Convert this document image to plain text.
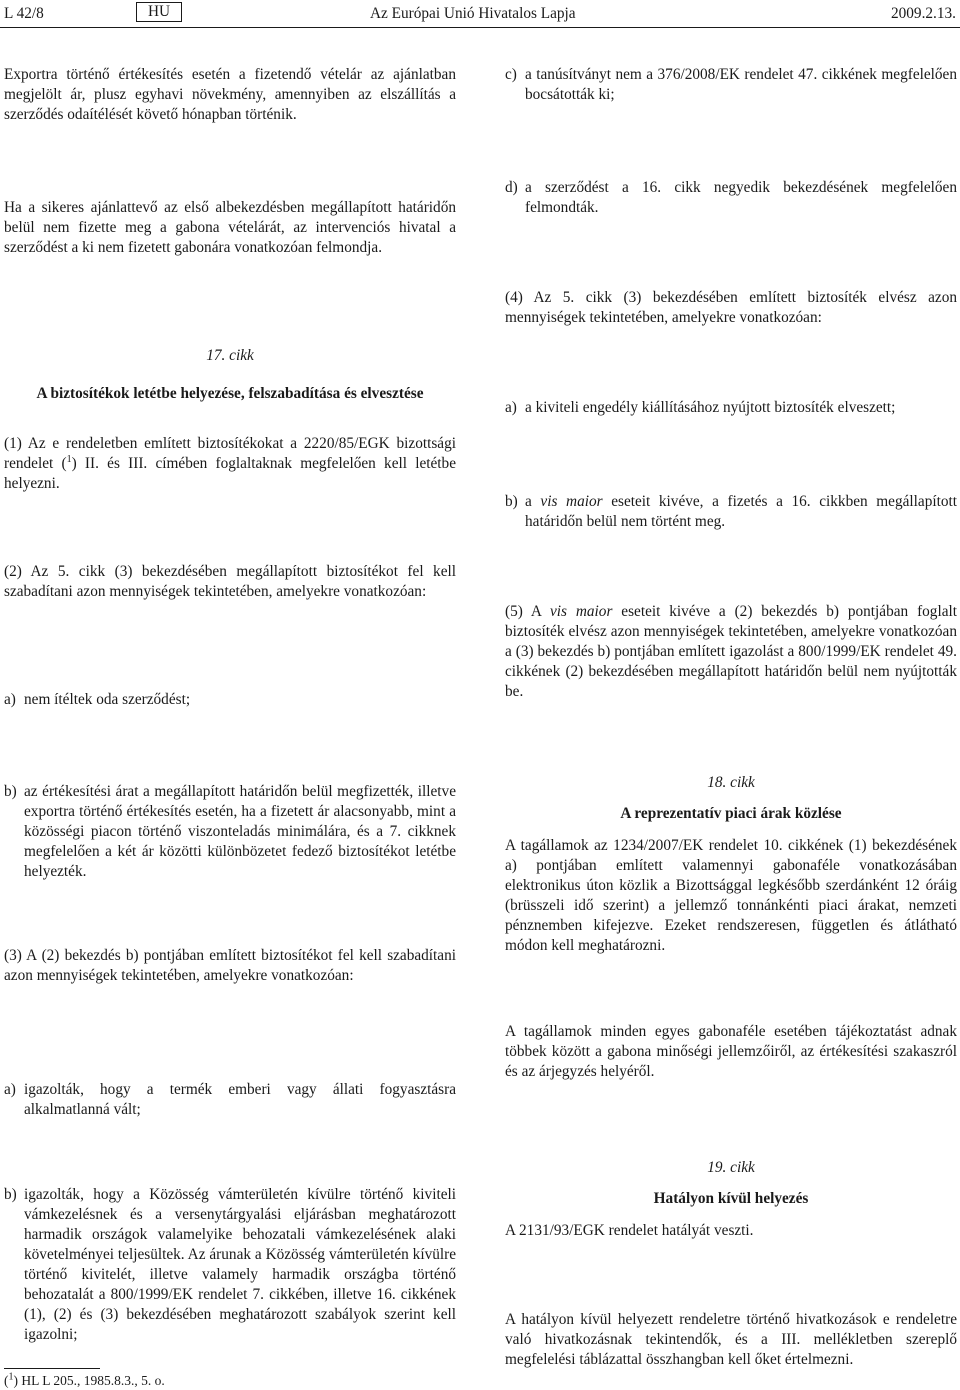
L 42/8	HU	Az Európai Unió Hivatalos Lapja	2009.2.13.
Exportra történő értékesítés esetén a fizetendő vételár az ajánlatban megjelölt ár, plusz egyhavi növekmény, amennyiben az elszállítás a szerződés odaítélését követő hónapban történik.
Ha a sikeres ajánlattevő az első albekezdésben megállapított határidőn belül nem fizette meg a gabona vételárát, az intervenciós hivatal a szerződést a ki nem fizetett gabonára vonatkozóan felmondja.
17. cikk
A biztosítékok letétbe helyezése, felszabadítása és elvesztése
(1) Az e rendeletben említett biztosítékokat a 2220/85/EGK bizottsági rendelet ($^1$) II. és III. címében foglaltaknak megfelelően kell letétbe helyezni.
(2) Az 5. cikk (3) bekezdésében megállapított biztosítékot fel kell szabadítani azon mennyiségek tekintetében, amelyekre vonatkozóan:
a) nem ítéltek oda szerződést;
b) az értékesítési árat a megállapított határidőn belül megfizették, illetve exportra történő értékesítés esetén, ha a fizetett ár alacsonyabb, mint a közösségi piacon történő viszonteladás minimálára, és a 7. cikknek megfelelően a két ár közötti különbözetet fedező biztosítékot letétbe helyezték.
(3) A (2) bekezdés b) pontjában említett biztosítékot fel kell szabadítani azon mennyiségek tekintetében, amelyekre vonatkozóan:
a) igazolták, hogy a termék emberi vagy állati fogyasztásra alkalmatlanná vált;
b) igazolták, hogy a Közösség vámterületén kívülre történő kiviteli vámkezelésnek és a versenytárgyalási eljárásban meghatározott harmadik országok valamelyike behozatali vámkezelésének alaki követelményei teljesültek. Az árunak a Közösség vámterületén kívülre történő kivitelét, illetve valamely harmadik országba történő behozatalát a 800/1999/EK rendelet 7. cikkében, illetve 16. cikkének (1), (2) és (3) bekezdésében meghatározott szabályok szerint kell igazolni;
($^1$) HL L 205., 1985.8.3., 5. o.
c) a tanúsítványt nem a 376/2008/EK rendelet 47. cikkének megfelelően bocsátották ki;
d) a szerződést a 16. cikk negyedik bekezdésének megfelelően felmondták.
(4) Az 5. cikk (3) bekezdésében említett biztosíték elvész azon mennyiségek tekintetében, amelyekre vonatkozóan:
a) a kiviteli engedély kiállításához nyújtott biztosíték elveszett;
b) a vis maior eseteit kivéve, a fizetés a 16. cikkben megállapított határidőn belül nem történt meg.
(5) A vis maior eseteit kivéve a (2) bekezdés b) pontjában foglalt biztosíték elvész azon mennyiségek tekintetében, amelyekre vonatkozóan a (3) bekezdés b) pontjában említett igazolást a 800/1999/EK rendelet 49. cikkének (2) bekezdésében megállapított határidőn belül nem nyújtották be.
18. cikk
A reprezentatív piaci árak közlése
A tagállamok az 1234/2007/EK rendelet 10. cikkének (1) bekezdésének a) pontjában említett valamennyi gabonaféle vonatkozásában elektronikus úton közlik a Bizottsággal legkésőbb szerdánként 12 óráig (brüsszeli idő szerint) a jellemző tonnánkénti piaci árakat, nemzeti pénznemben kifejezve. Ezeket rendszeresen, független és átlátható módon kell meghatározni.
A tagállamok minden egyes gabonaféle esetében tájékoztatást adnak többek között a gabona minőségi jellemzőiről, az értékesítési szakaszról és az árjegyzés helyéről.
19. cikk
Hatályon kívül helyezés
A 2131/93/EGK rendelet hatályát veszti.
A hatályon kívül helyezett rendeletre történő hivatkozások e rendeletre való hivatkozásnak tekintendők, és a III. mellékletben szereplő megfelelési táblázattal összhangban kell őket értelmezni.
